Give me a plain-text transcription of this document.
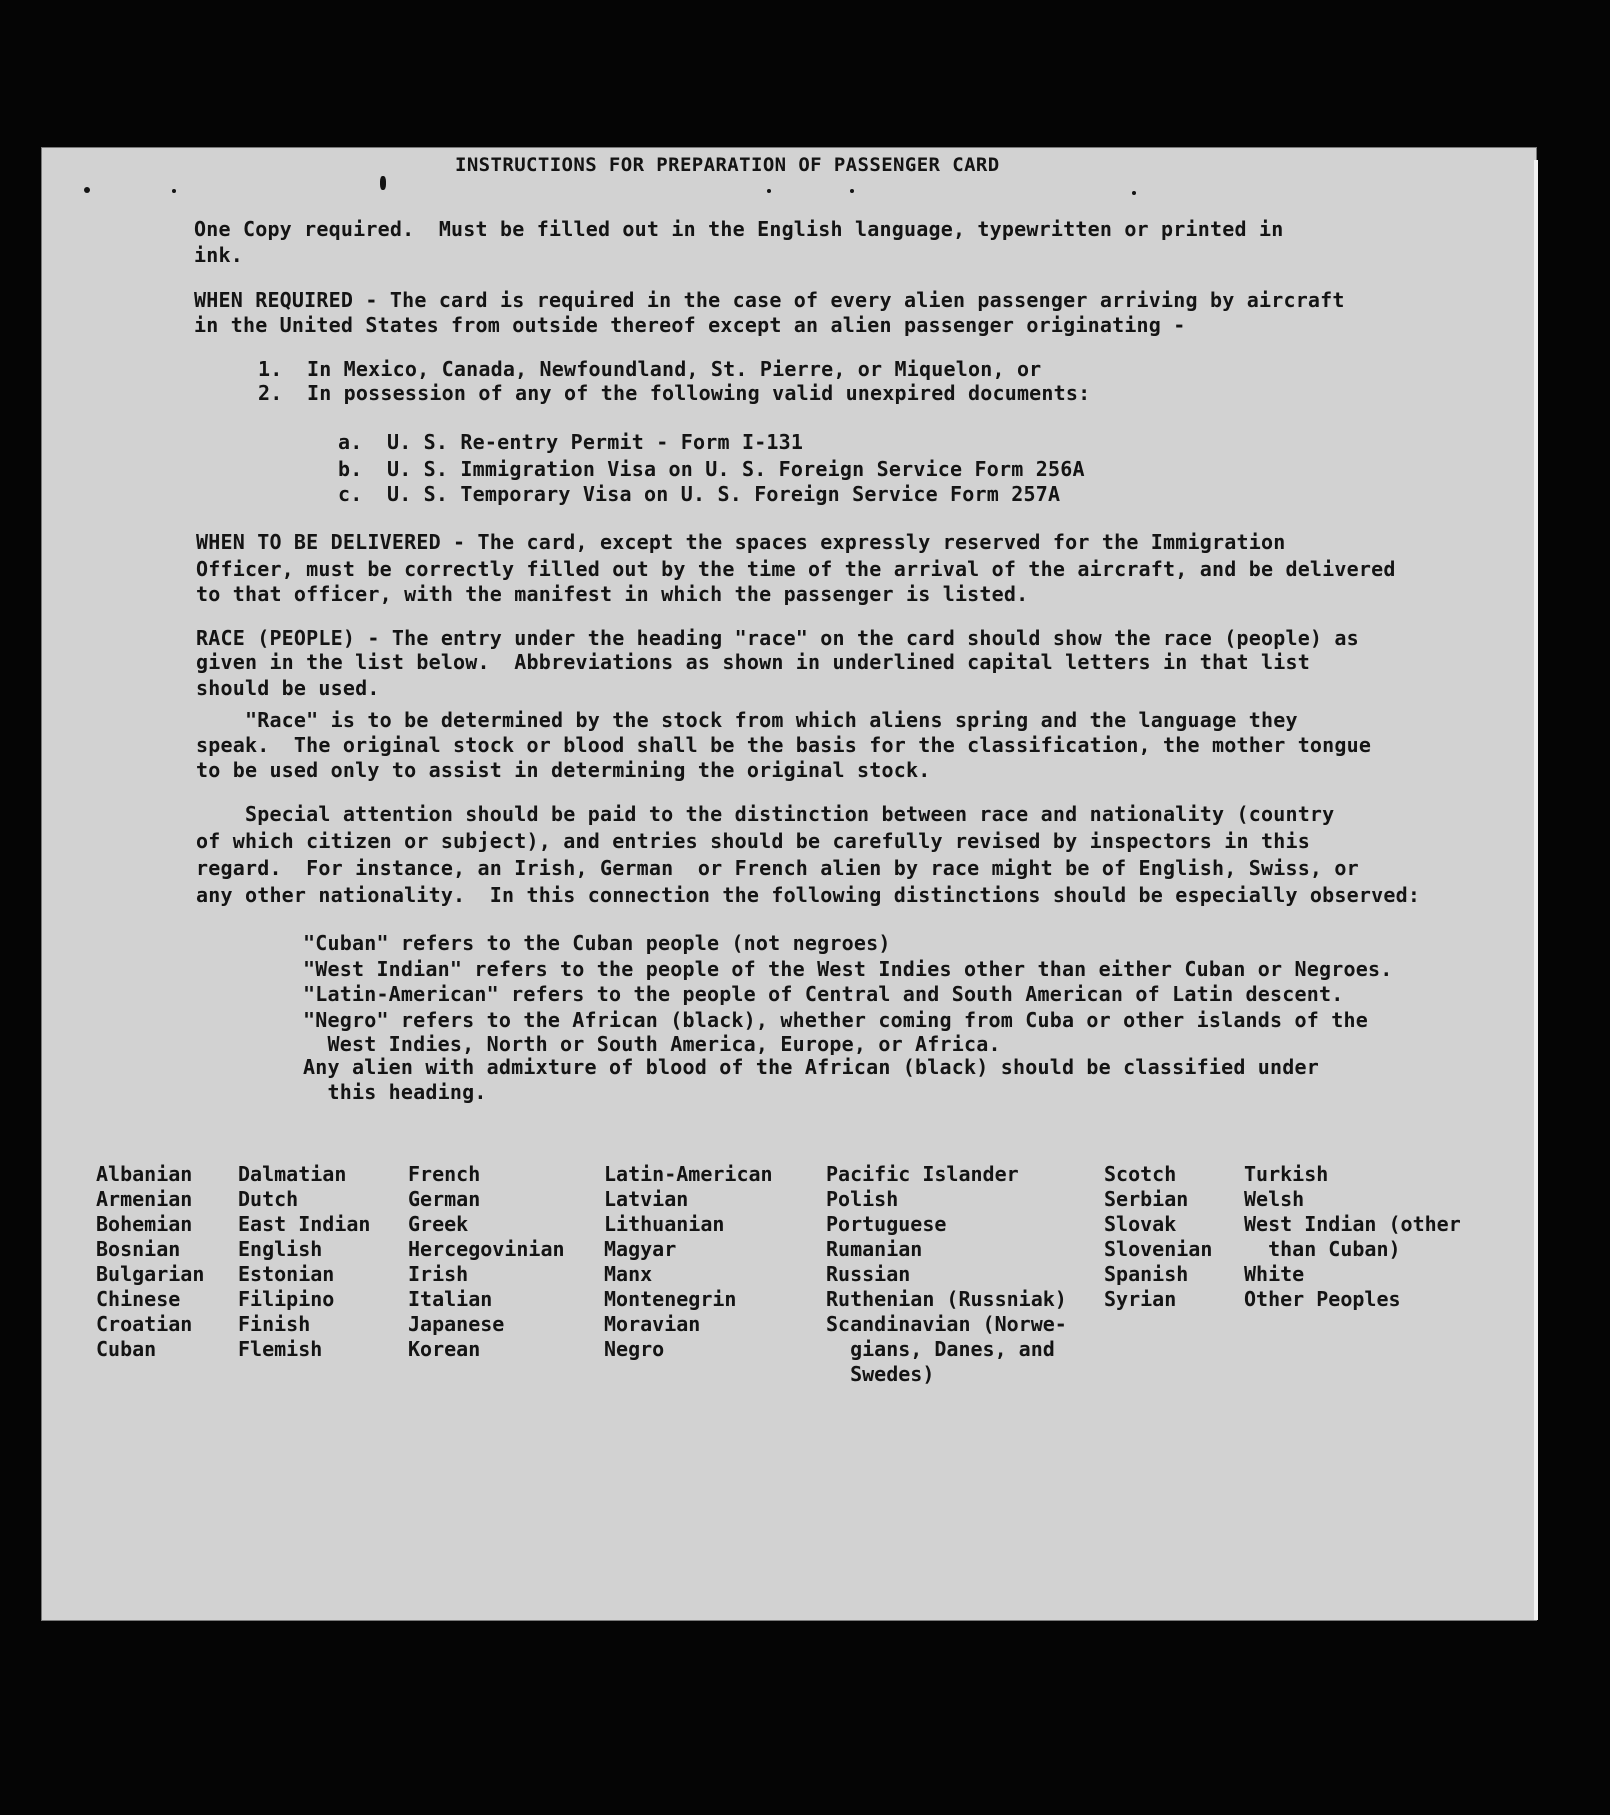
INSTRUCTIONS FOR PREPARATION OF PASSENGER CARD
One Copy required.  Must be filled out in the English language, typewritten or printed in
ink.
WHEN REQUIRED - The card is required in the case of every alien passenger arriving by aircraft
in the United States from outside thereof except an alien passenger originating -
1.  In Mexico, Canada, Newfoundland, St. Pierre, or Miquelon, or
2.  In possession of any of the following valid unexpired documents:
a.  U. S. Re-entry Permit - Form I-131
b.  U. S. Immigration Visa on U. S. Foreign Service Form 256A
c.  U. S. Temporary Visa on U. S. Foreign Service Form 257A
WHEN TO BE DELIVERED - The card, except the spaces expressly reserved for the Immigration
Officer, must be correctly filled out by the time of the arrival of the aircraft, and be delivered
to that officer, with the manifest in which the passenger is listed.
RACE (PEOPLE) - The entry under the heading "race" on the card should show the race (people) as
given in the list below.  Abbreviations as shown in underlined capital letters in that list
should be used.
"Race" is to be determined by the stock from which aliens spring and the language they
speak.  The original stock or blood shall be the basis for the classification, the mother tongue
to be used only to assist in determining the original stock.
Special attention should be paid to the distinction between race and nationality (country
of which citizen or subject), and entries should be carefully revised by inspectors in this
regard.  For instance, an Irish, German  or French alien by race might be of English, Swiss, or
any other nationality.  In this connection the following distinctions should be especially observed:
"Cuban" refers to the Cuban people (not negroes)
"West Indian" refers to the people of the West Indies other than either Cuban or Negroes.
"Latin-American" refers to the people of Central and South American of Latin descent.
"Negro" refers to the African (black), whether coming from Cuba or other islands of the
West Indies, North or South America, Europe, or Africa.
Any alien with admixture of blood of the African (black) should be classified under
this heading.
Albanian
Armenian
Bohemian
Bosnian
Bulgarian
Chinese
Croatian
Cuban
Dalmatian
Dutch
East Indian
English
Estonian
Filipino
Finish
Flemish
French
German
Greek
Hercegovinian
Irish
Italian
Japanese
Korean
Latin-American
Latvian
Lithuanian
Magyar
Manx
Montenegrin
Moravian
Negro
Pacific Islander
Polish
Portuguese
Rumanian
Russian
Ruthenian (Russniak)
Scandinavian (Norwe-
gians, Danes, and
Swedes)
Scotch
Serbian
Slovak
Slovenian
Spanish
Syrian
Turkish
Welsh
West Indian (other
than Cuban)
White
Other Peoples
